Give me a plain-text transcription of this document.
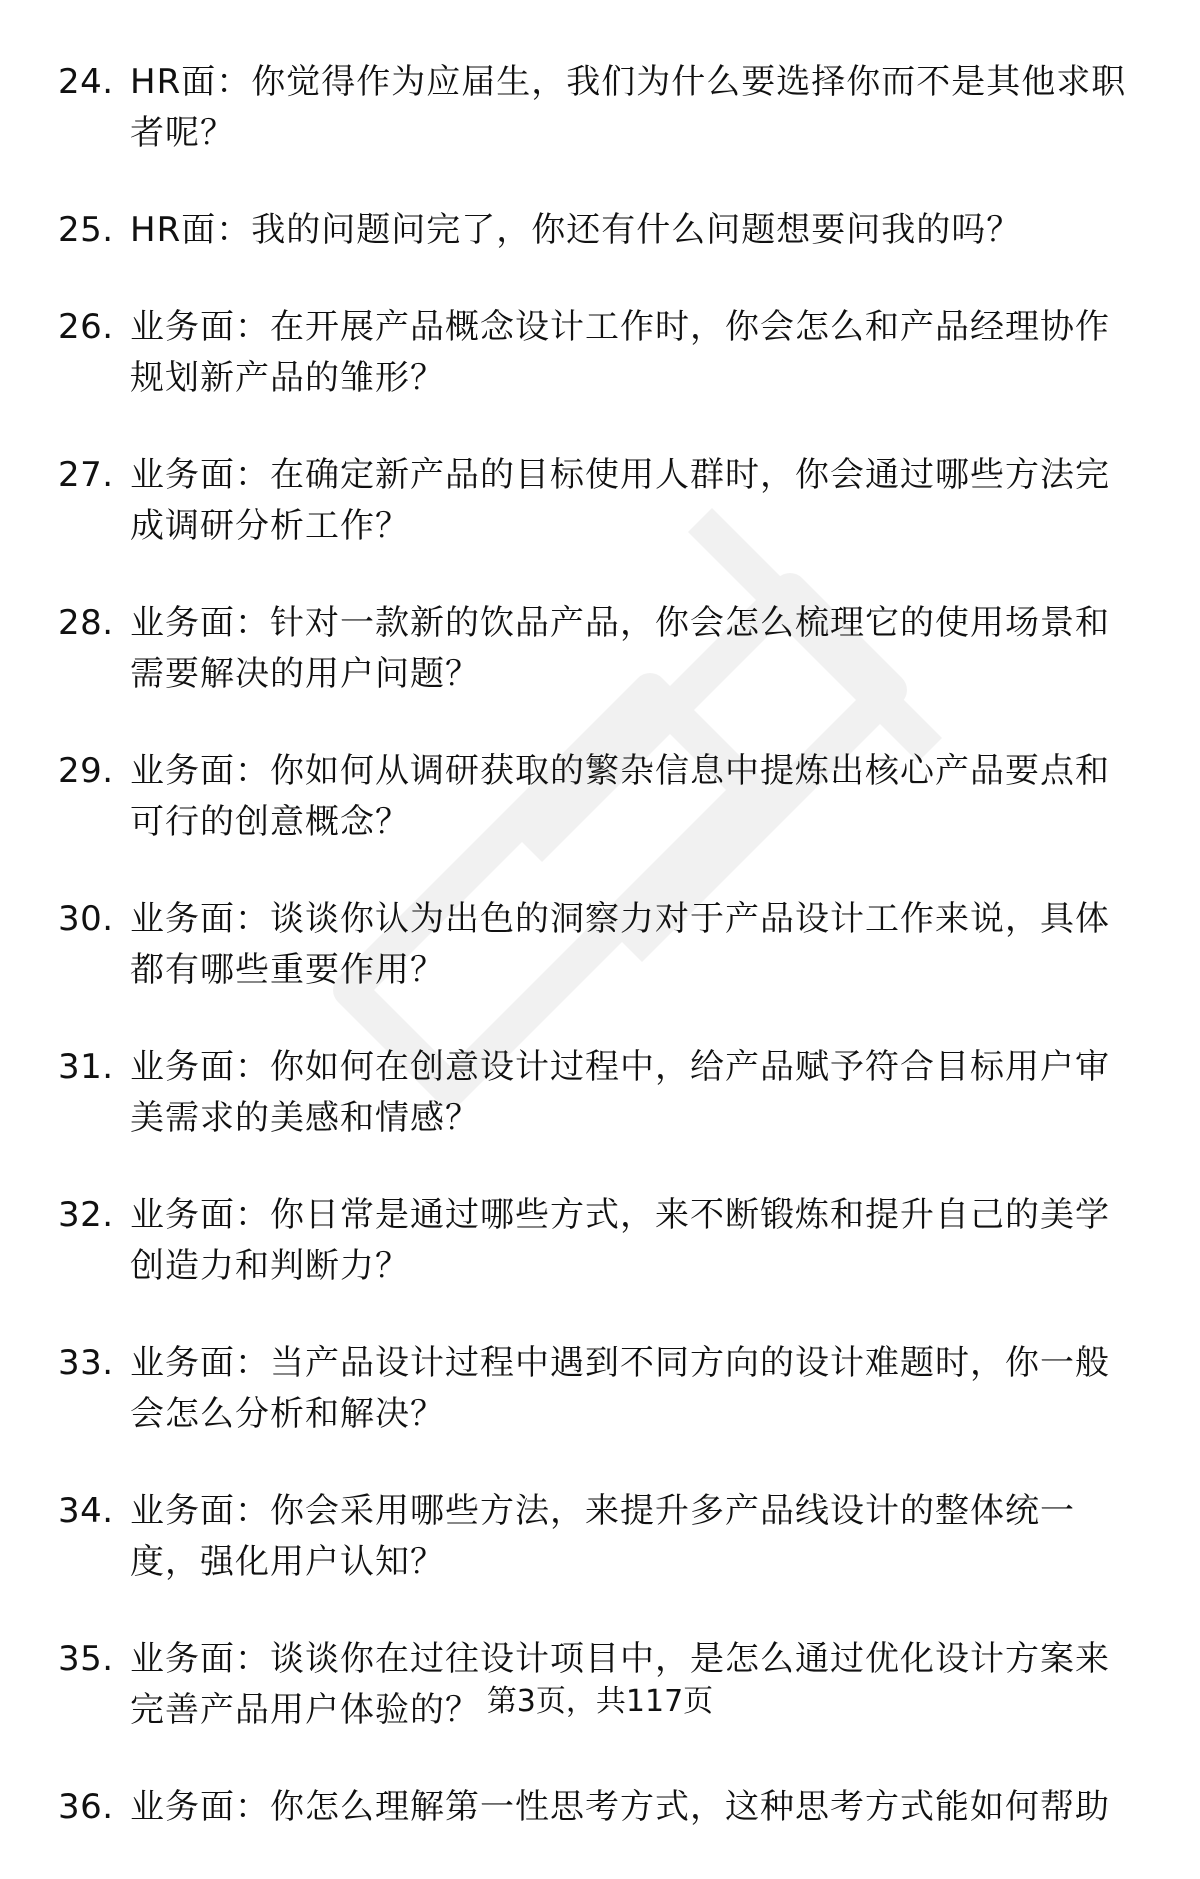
24. HR面：你觉得作为应届生，我们为什么要选择你而不是其他求职者呢？
25. HR面：我的问题问完了，你还有什么问题想要问我的吗？
26. 业务面：在开展产品概念设计工作时，你会怎么和产品经理协作规划新产品的雏形？
27. 业务面：在确定新产品的目标使用人群时，你会通过哪些方法完成调研分析工作？
28. 业务面：针对一款新的饮品产品，你会怎么梳理它的使用场景和需要解决的用户问题？
29. 业务面：你如何从调研获取的繁杂信息中提炼出核心产品要点和可行的创意概念？
30. 业务面：谈谈你认为出色的洞察力对于产品设计工作来说，具体都有哪些重要作用？
31. 业务面：你如何在创意设计过程中，给产品赋予符合目标用户审美需求的美感和情感？
32. 业务面：你日常是通过哪些方式，来不断锻炼和提升自己的美学创造力和判断力？
33. 业务面：当产品设计过程中遇到不同方向的设计难题时，你一般会怎么分析和解决？
34. 业务面：你会采用哪些方法，来提升多产品线设计的整体统一度，强化用户认知？
35. 业务面：谈谈你在过往设计项目中，是怎么通过优化设计方案来完善产品用户体验的？
36. 业务面：你怎么理解第一性思考方式，这种思考方式能如何帮助
第3页，共117页
